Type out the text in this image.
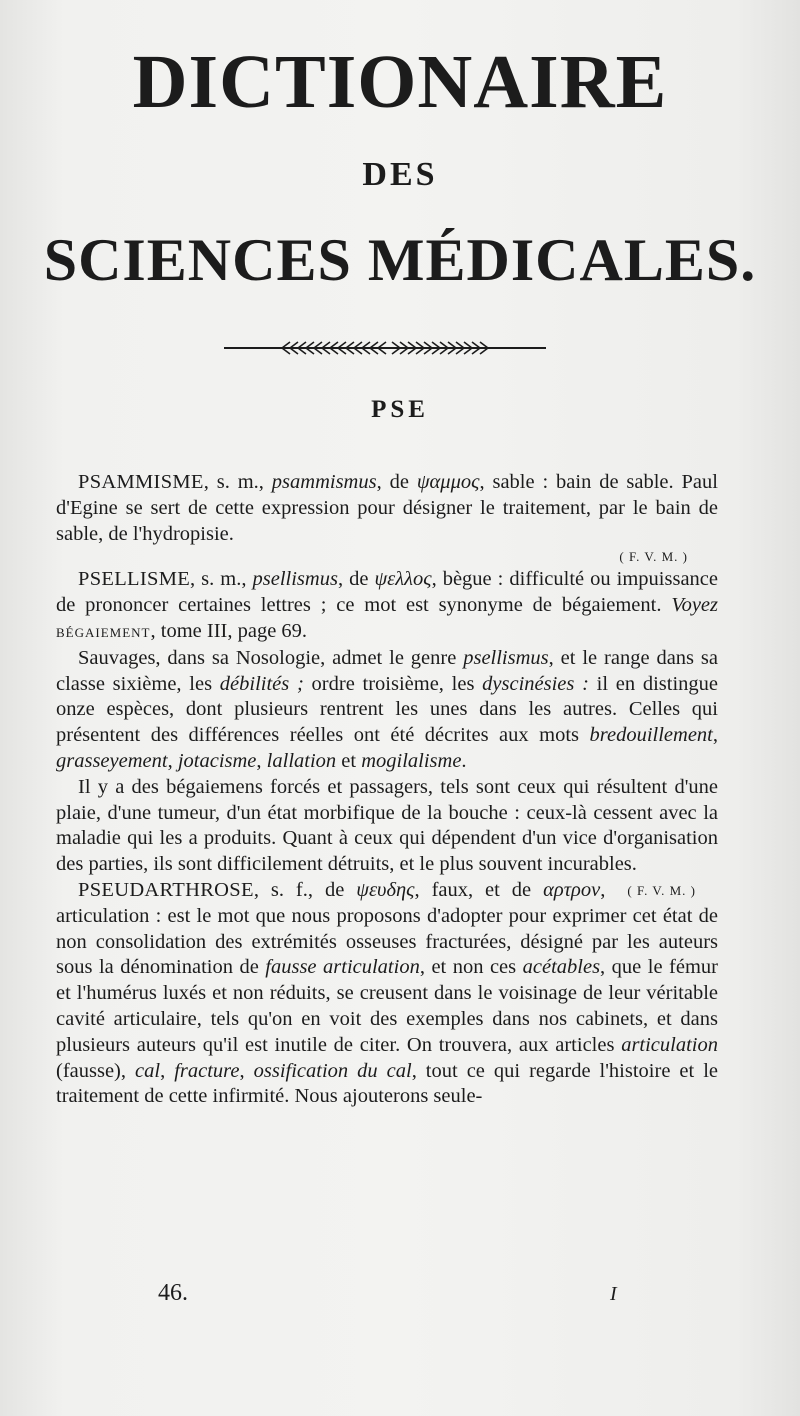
DICTIONAIRE
DES
SCIENCES MÉDICALES.
PSE

PSAMMISME, s. m., psammismus, de ψαμμος, sable : bain de sable. Paul d'Egine se sert de cette expression pour désigner le traitement, par le bain de sable, de l'hydropisie.

( F. V. M. )

PSELLISME, s. m., psellismus, de ψελλος, bègue : difficulté ou impuissance de prononcer certaines lettres ; ce mot est synonyme de bégaiement. Voyez BÉGAIEMENT, tome III, page 69.

Sauvages, dans sa Nosologie, admet le genre psellismus, et le range dans sa classe sixième, les débilités ; ordre troisième, les dyscinésies : il en distingue onze espèces, dont plusieurs rentrent les unes dans les autres. Celles qui présentent des différences réelles ont été décrites aux mots bredouillement, grasseyement, jotacisme, lallation et mogilalisme.

Il y a des bégaiemens forcés et passagers, tels sont ceux qui résultent d'une plaie, d'une tumeur, d'un état morbifique de la bouche : ceux-là cessent avec la maladie qui les a produits. Quant à ceux qui dépendent d'un vice d'organisation des parties, ils sont difficilement détruits, et le plus souvent incurables.
( F. V. M. )

PSEUDARTHROSE, s. f., de ψευδης, faux, et de αρτρον, articulation : est le mot que nous proposons d'adopter pour exprimer cet état de non consolidation des extrémités osseuses fracturées, désigné par les auteurs sous la dénomination de fausse articulation, et non ces acétables, que le fémur et l'humérus luxés et non réduits, se creusent dans le voisinage de leur véritable cavité articulaire, tels qu'on en voit des exemples dans nos cabinets, et dans plusieurs auteurs qu'il est inutile de citer. On trouvera, aux articles articulation (fausse), cal, fracture, ossification du cal, tout ce qui regarde l'histoire et le traitement de cette infirmité. Nous ajouterons seule-

46.	I
